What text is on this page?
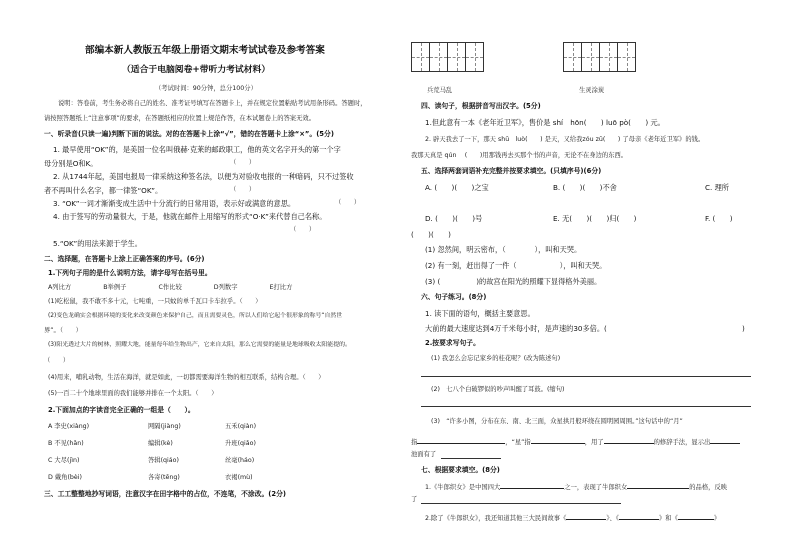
部编本新人教版五年级上册语文期末考试试卷及参考答案
（适合于电脑阅卷+带听力考试材料）
（考试时间：90分钟，总分100分）
说明：答卷前，考生务必将自己的姓名、准考证号填写在答题卡上，并在规定位置粘贴考试用条形码。答题时，
请按照答题纸上“注意事项”的要求，在答题纸相应的位置上规范作答，在本试题卷上的答案无效。
一、听录音(只读一遍)判断下面的说法。对的在答题卡上涂“√”，错的在答题卡上涂“×”。(5分)
1. 最早使用“OK”的，是美国一位名叫俄赫·克莱的邮政职工，他的英文名字开头的第一个字
母分别是O和K。	（　　）
2. 从1744年起，美国电报局一律采纳这种签名法，以便为对验收电报的一种暗码，只不过签收
者不再叫什么名字，都一律签“OK”。	（　　）
3. “OK”一词才渐渐变成生活中十分流行的日常用语，表示好或满意的意思。	（　　）
4. 由于签写的劳动量很大，于是，他就在邮件上用缩写的形式“O·K”来代替自己名称。
（　　）
5.“OK”的用法来源于学生。
二、选择题，在答题卡上涂上正确答案的序号。(6分)
1.下列句子用的是什么说明方法，请字母写在括号里。
A列比方	B举例子	C作比较	D列数字	E打比方
(1)吃松鼠，我不敢不多十元，七吨重，一只蚊的单千瓦口卡车拉乎。（　　）
(2)变色龙确实会根据环境的变化来改变颜色来保护自己，而且需要灵色，所以人们给它起个很形象的称号“自然世
界”。（　　）
(3)阳光透过大片的树林，照耀大地，能量每年给生物出产，它来自太阳，那么它需要的能量是地球吸收太阳能提的。
（　　）
(4)用来，哺乳动物，生活在海洋，就是如此，一切都需要海洋生物的相互联系，结构合理。（　　）
(5)一百二十个地球里面的我们能够并排在一个太阳。（　　）
2.下面加点的字读音完全正确的一组是（　　）。
A 李史(xiàng)	网隔(jiàng)	五禾(qiàn)
B 不见(hǎn)	编辑(kè)	升班(qiǎo)
C 大尽(jìn)	答辑(qiáo)	丝毫(háo)
D 戴角(bèi)	各寄(tēng)	衣褐(mù)
三、工工整整地抄写词语，注意汉字在田字格中的占位，不连笔，不涂改。(2分)
兵荒马乱	生灵涂炭
四、读句子，根据拼音写出汉字。(5分)
1.但此意有一本《老年近卫军》，售价是 shí　hōn(　　) luō pò(　　) 元。
2. 辟天我去了一下，那天 shū　luò(　　) 是天，又给我zóu zū(　　) 了母亲《老年近卫军》的钱。
我那天真是 qún 　(　　)用那钱再去买那个书的声音，无论不在身边的东西。
五、选择两套词语补充完整并按要求填空。(只填序号)(6分)
A. (　　)(　　)之宝	B. (　　)(　　)不舍	C. 理所
D. (　　)(　　)号	E. 无(　　)(　　)归(　　)	F. (　　)
(　　)(　　)
(1) 忽然间，明云密布，（　　　　），叫和天哭。
(2) 有一刻，赶出得了一件（　　　　　　），叫和天哭。
(3) (　　　　　)的故宫在阳光的照耀下显得格外美丽。
六、句子练习。(8分)
1. 读下面的语句，概括主要意思。
大前的最大速度达到4万千米每小时，是声速的30多倍。(	)
2.按要求写句子。
(1) 我怎么会忘记家乡的桂花呢？(改为陈述句)
(2)　七八个白破锣似的吵声叫醒了耳鼓。(缩句)
(3)　“许多小图，分布在东、南、北三面，众星拱月般环绕在圆明园周围。”这句话中的“月”
指	，“星”指	，用了	的修辞手法，显示出
池面有了
七、根据要求填空。(8分)
1.《牛郎织女》是中国四大	之一，表现了牛郎织女	的品格，反映
了
2.除了《牛郎织女》，我还知道其他三大民间故事《	》、《	》和《	》
